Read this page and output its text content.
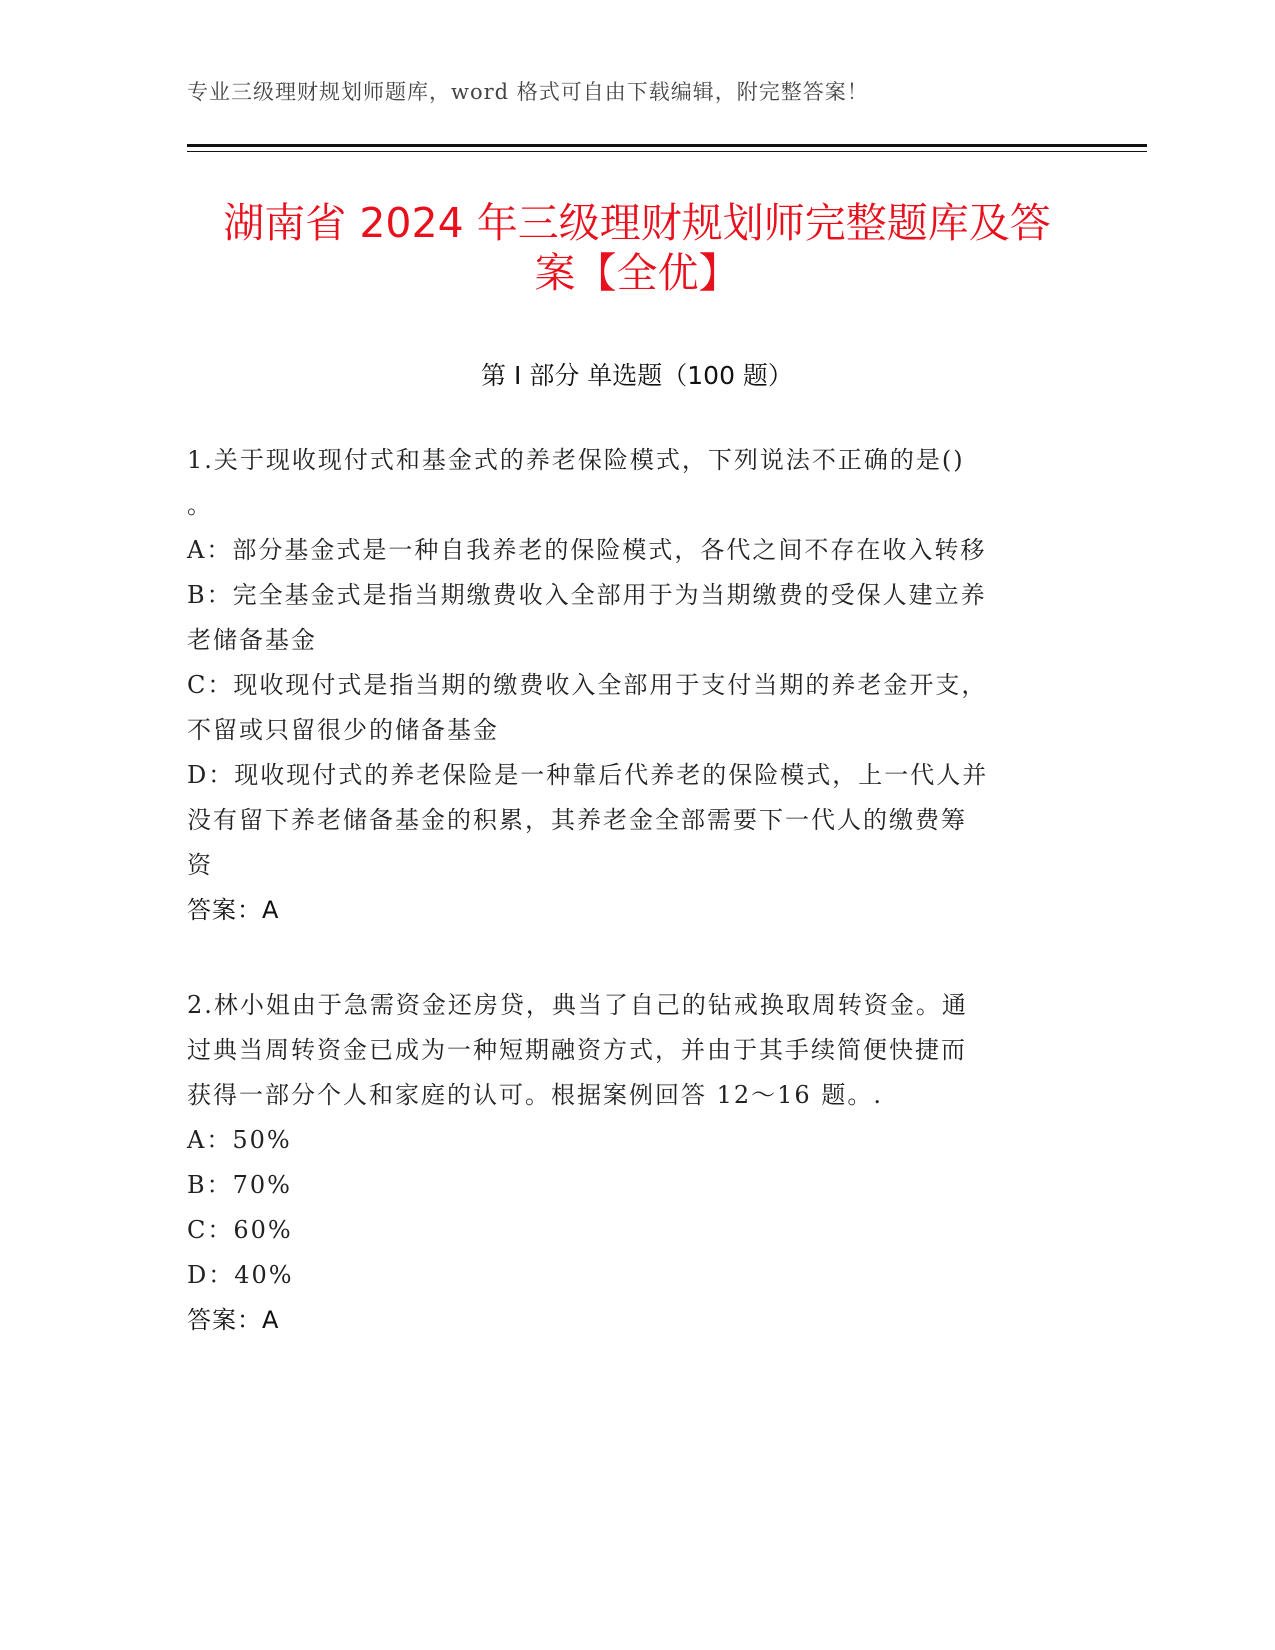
专业三级理财规划师题库，word 格式可自由下载编辑，附完整答案！
湖南省 2024 年三级理财规划师完整题库及答
案【全优】
第 I 部分 单选题（100 题）
1.关于现收现付式和基金式的养老保险模式，下列说法不正确的是()
。
A：部分基金式是一种自我养老的保险模式，各代之间不存在收入转移
B：完全基金式是指当期缴费收入全部用于为当期缴费的受保人建立养
老储备基金
C：现收现付式是指当期的缴费收入全部用于支付当期的养老金开支，
不留或只留很少的储备基金
D：现收现付式的养老保险是一种靠后代养老的保险模式，上一代人并
没有留下养老储备基金的积累，其养老金全部需要下一代人的缴费筹
资
答案：A
2.林小姐由于急需资金还房贷，典当了自己的钻戒换取周转资金。通
过典当周转资金已成为一种短期融资方式，并由于其手续简便快捷而
获得一部分个人和家庭的认可。根据案例回答 12～16 题。.
A：50%
B：70%
C：60%
D：40%
答案：A
